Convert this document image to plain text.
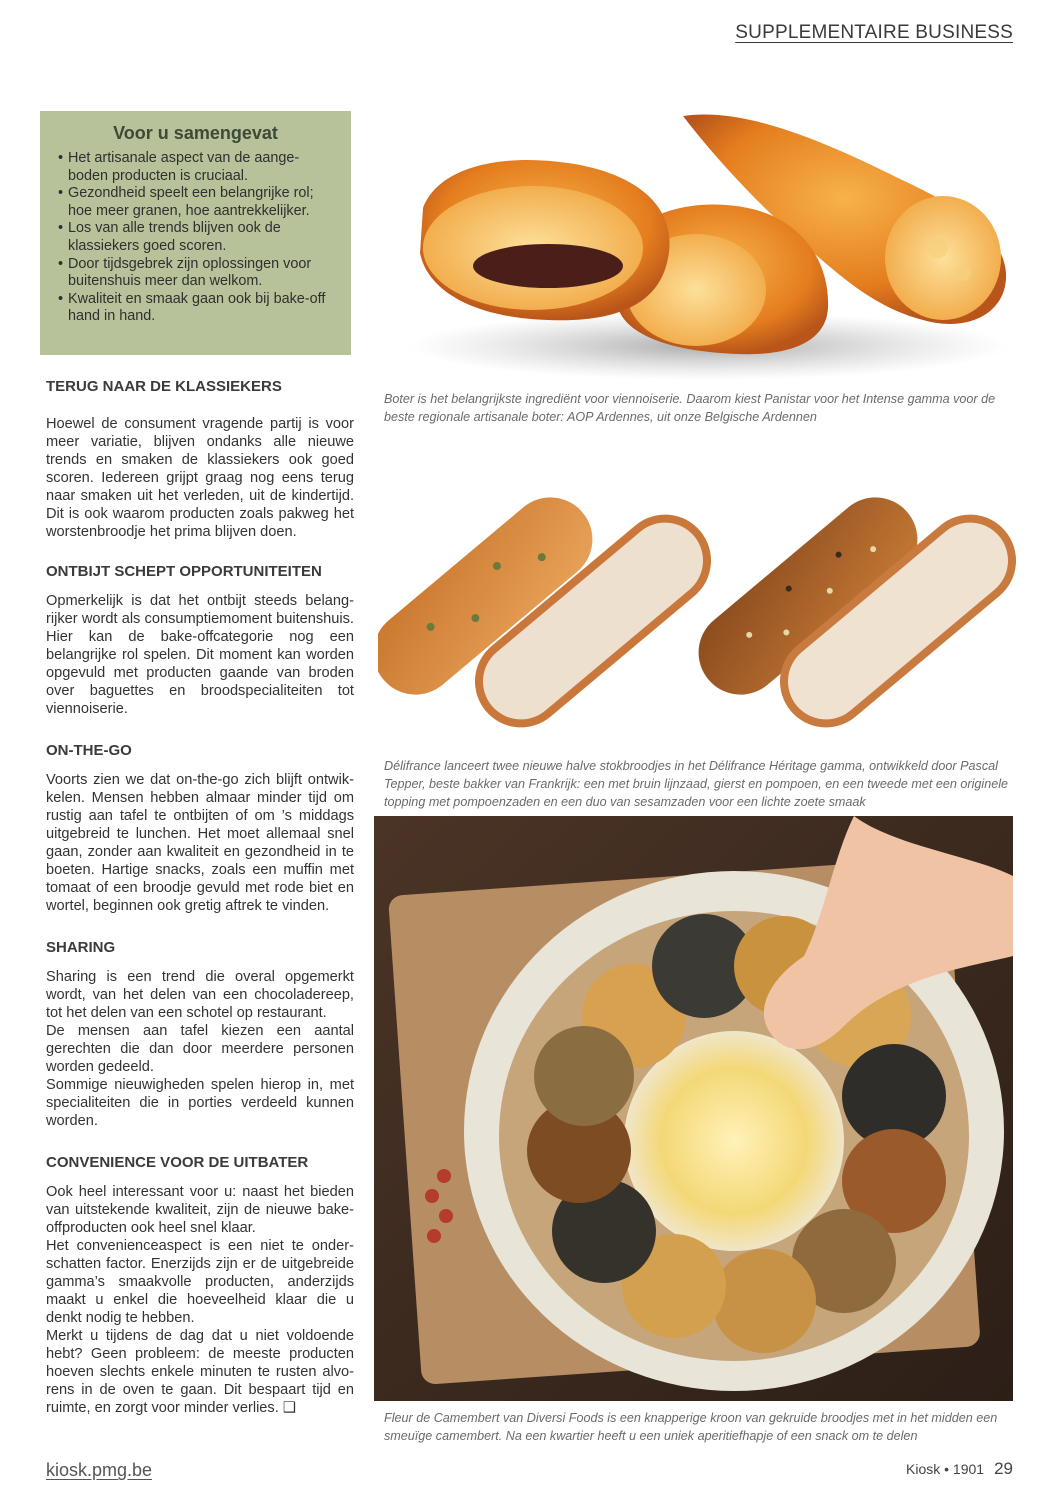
SUPPLEMENTAIRE BUSINESS
Voor u samengevat
• Het artisanale aspect van de aange-boden producten is cruciaal.
• Gezondheid speelt een belangrijke rol; hoe meer granen, hoe aantrekkelijker.
• Los van alle trends blijven ook de klassiekers goed scoren.
• Door tijdsgebrek zijn oplossingen voor buitenshuis meer dan welkom.
• Kwaliteit en smaak gaan ook bij bake-off hand in hand.
TERUG NAAR DE KLASSIEKERS

Hoewel de consument vragende partij is voor meer variatie, blijven ondanks alle nieuwe trends en smaken de klassiekers ook goed scoren. Iedereen grijpt graag nog eens terug naar smaken uit het verleden, uit de kindertijd. Dit is ook waarom producten zoals pakweg het worstenbroodje het prima blijven doen.

ONTBIJT SCHEPT OPPORTUNITEITEN

Opmerkelijk is dat het ontbijt steeds belang-rijker wordt als consumptiemoment buitenshuis. Hier kan de bake-offcategorie nog een belangrijke rol spelen. Dit moment kan worden opgevuld met producten gaande van broden over baguettes en broodspecialiteiten tot viennoiserie.

ON-THE-GO

Voorts zien we dat on-the-go zich blijft ontwik-kelen. Mensen hebben almaar minder tijd om rustig aan tafel te ontbijten of om ’s middags uitgebreid te lunchen. Het moet allemaal snel gaan, zonder aan kwaliteit en gezondheid in te boeten. Hartige snacks, zoals een muffin met tomaat of een broodje gevuld met rode biet en wortel, beginnen ook gretig aftrek te vinden.

SHARING

Sharing is een trend die overal opgemerkt wordt, van het delen van een chocoladereep, tot het delen van een schotel op restaurant.

De mensen aan tafel kiezen een aantal gerechten die dan door meerdere personen worden gedeeld.

Sommige nieuwigheden spelen hierop in, met specialiteiten die in porties verdeeld kunnen worden.

CONVENIENCE VOOR DE UITBATER

Ook heel interessant voor u: naast het bieden van uitstekende kwaliteit, zijn de nieuwe bake-offproducten ook heel snel klaar.

Het convenienceaspect is een niet te onder-schatten factor. Enerzijds zijn er de uitgebreide gamma’s smaakvolle producten, anderzijds maakt u enkel die hoeveelheid klaar die u denkt nodig te hebben.

Merkt u tijdens de dag dat u niet voldoende hebt? Geen probleem: de meeste producten hoeven slechts enkele minuten te rusten alvo-rens in de oven te gaan. Dit bespaart tijd en ruimte, en zorgt voor minder verlies. ❑

Boter is het belangrijkste ingrediënt voor viennoiserie. Daarom kiest Panistar voor het Intense gamma voor de beste regionale artisanale boter: AOP Ardennes, uit onze Belgische Ardennen
Délifrance lanceert twee nieuwe halve stokbroodjes in het Délifrance Héritage gamma, ontwikkeld door Pascal Tepper, beste bakker van Frankrijk: een met bruin lijnzaad, gierst en pompoen, en een tweede met een originele topping met pompoenzaden en een duo van sesamzaden voor een lichte zoete smaak
Fleur de Camembert van Diversi Foods is een knapperige kroon van gekruide broodjes met in het midden een smeuïge camembert. Na een kwartier heeft u een uniek aperitiefhapje of een snack om te delen
kiosk.pmg.be	Kiosk • 1901 29
